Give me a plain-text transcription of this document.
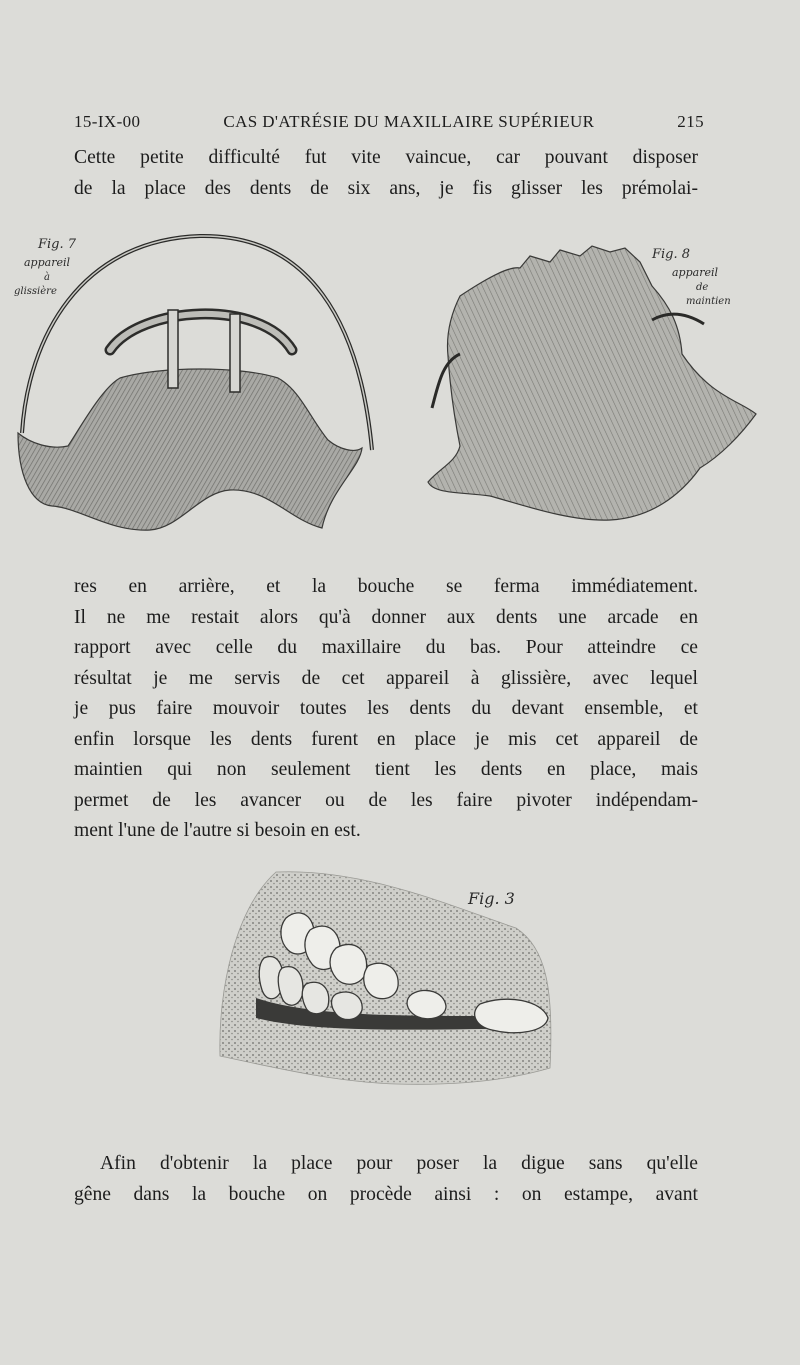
15-IX-00	CAS D'ATRÉSIE DU MAXILLAIRE SUPÉRIEUR	215
Cette petite difficulté fut vite vaincue, car pouvant disposer
de la place des dents de six ans, je fis glisser les prémolai-
Fig. 7
appareil
à
glissière
Fig. 8
appareil
de
maintien
res en arrière, et la bouche se ferma immédiatement.
Il ne me restait alors qu'à donner aux dents une arcade en
rapport avec celle du maxillaire du bas. Pour atteindre ce
résultat je me servis de cet appareil à glissière, avec lequel
je pus faire mouvoir toutes les dents du devant ensemble, et
enfin lorsque les dents furent en place je mis cet appareil de
maintien qui non seulement tient les dents en place, mais
permet de les avancer ou de les faire pivoter indépendam-
ment l'une de l'autre si besoin en est.
Fig. 3
Afin d'obtenir la place pour poser la digue sans qu'elle
gêne dans la bouche on procède ainsi : on estampe, avant
